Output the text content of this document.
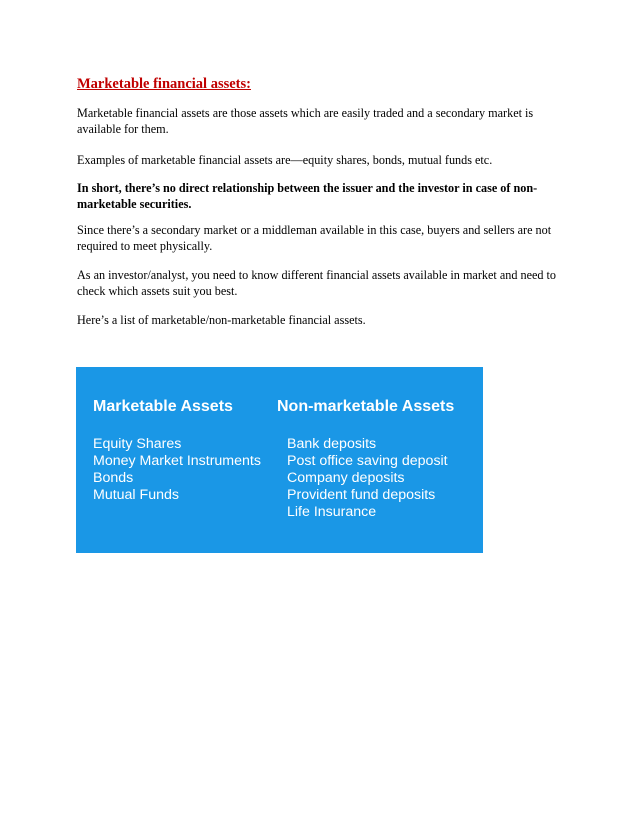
Marketable financial assets:

Marketable financial assets are those assets which are easily traded and a secondary market is available for them.

Examples of marketable financial assets are—equity shares, bonds, mutual funds etc.

In short, there’s no direct relationship between the issuer and the investor in case of non-marketable securities.

Since there’s a secondary market or a middleman available in this case, buyers and sellers are not required to meet physically.

As an investor/analyst, you need to know different financial assets available in market and need to check which assets suit you best.

Here’s a list of marketable/non-marketable financial assets.

Marketable Assets
Equity Shares
Money Market Instruments
Bonds
Mutual Funds
Non-marketable Assets
Bank deposits
Post office saving deposit
Company deposits
Provident fund deposits
Life Insurance
